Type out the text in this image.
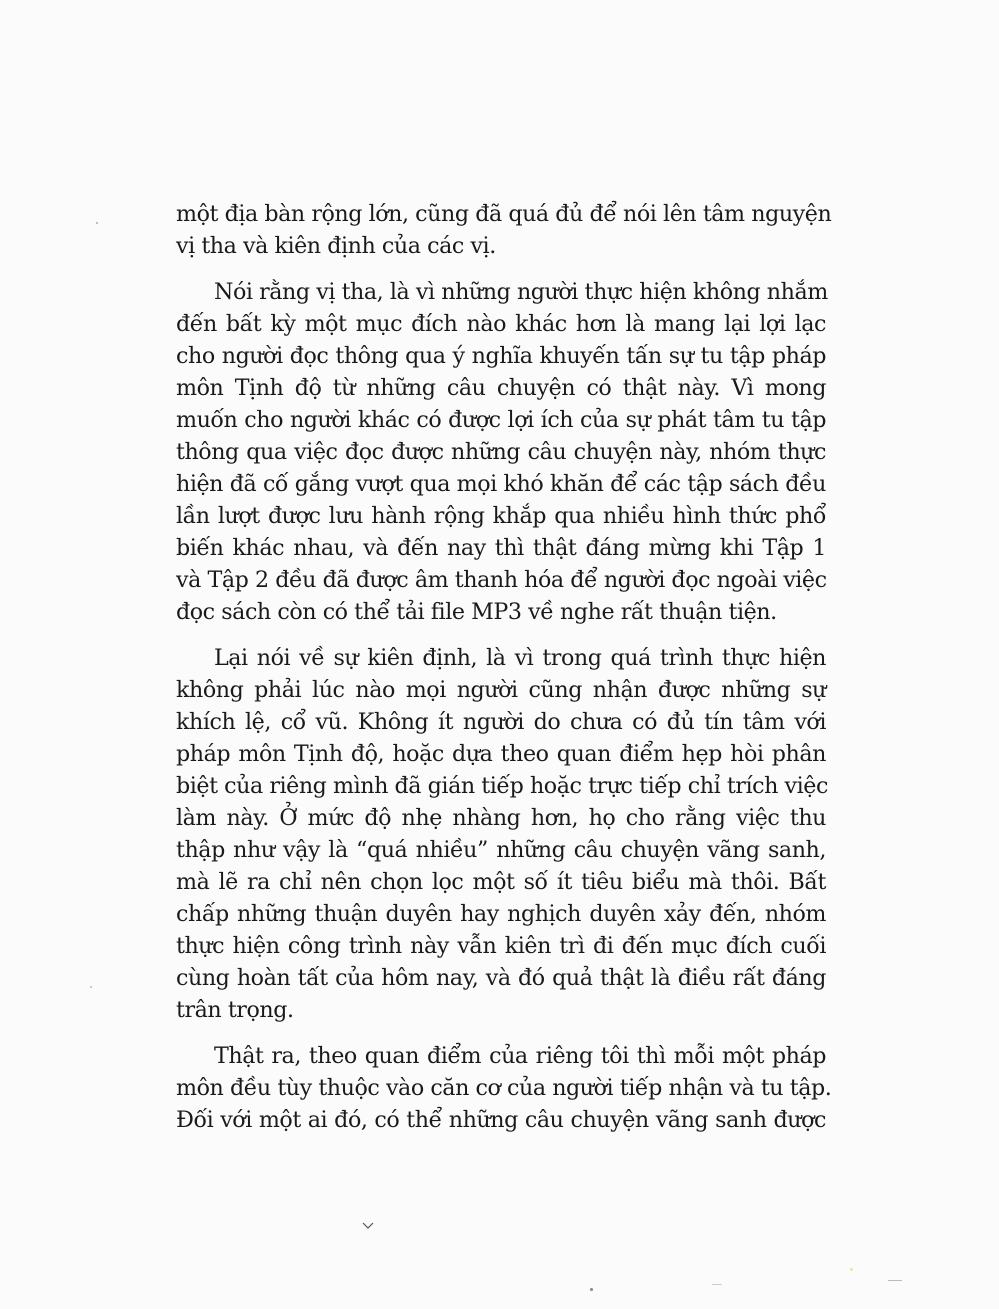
một địa bàn rộng lớn, cũng đã quá đủ để nói lên tâm nguyện
vị tha và kiên định của các vị.

Nói rằng vị tha, là vì những người thực hiện không nhắm
đến bất kỳ một mục đích nào khác hơn là mang lại lợi lạc
cho người đọc thông qua ý nghĩa khuyến tấn sự tu tập pháp
môn Tịnh độ từ những câu chuyện có thật này. Vì mong
muốn cho người khác có được lợi ích của sự phát tâm tu tập
thông qua việc đọc được những câu chuyện này, nhóm thực
hiện đã cố gắng vượt qua mọi khó khăn để các tập sách đều
lần lượt được lưu hành rộng khắp qua nhiều hình thức phổ
biến khác nhau, và đến nay thì thật đáng mừng khi Tập 1
và Tập 2 đều đã được âm thanh hóa để người đọc ngoài việc
đọc sách còn có thể tải file MP3 về nghe rất thuận tiện.

Lại nói về sự kiên định, là vì trong quá trình thực hiện
không phải lúc nào mọi người cũng nhận được những sự
khích lệ, cổ vũ. Không ít người do chưa có đủ tín tâm với
pháp môn Tịnh độ, hoặc dựa theo quan điểm hẹp hòi phân
biệt của riêng mình đã gián tiếp hoặc trực tiếp chỉ trích việc
làm này. Ở mức độ nhẹ nhàng hơn, họ cho rằng việc thu
thập như vậy là “quá nhiều” những câu chuyện vãng sanh,
mà lẽ ra chỉ nên chọn lọc một số ít tiêu biểu mà thôi. Bất
chấp những thuận duyên hay nghịch duyên xảy đến, nhóm
thực hiện công trình này vẫn kiên trì đi đến mục đích cuối
cùng hoàn tất của hôm nay, và đó quả thật là điều rất đáng
trân trọng.

Thật ra, theo quan điểm của riêng tôi thì mỗi một pháp
môn đều tùy thuộc vào căn cơ của người tiếp nhận và tu tập.
Đối với một ai đó, có thể những câu chuyện vãng sanh được
